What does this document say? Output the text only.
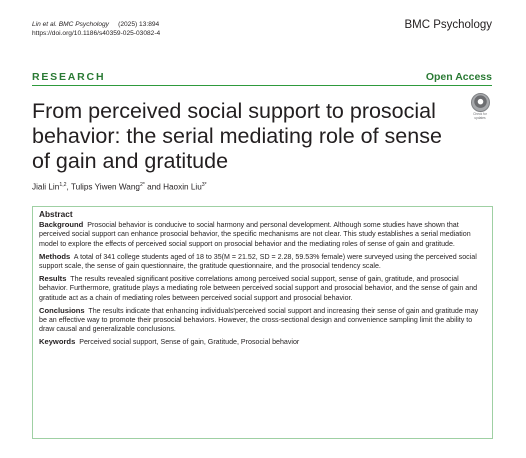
Lin et al. BMC Psychology (2025) 13:894
https://doi.org/10.1186/s40359-025-03082-4
BMC Psychology
RESEARCH	Open Access
From perceived social support to prosocial behavior: the serial mediating role of sense of gain and gratitude
Check for
updates
Jiali Lin$^{1,2}$, Tulips Yiwen Wang$^{2*}$ and Haoxin Liu$^{3*}$
Abstract

Background Prosocial behavior is conducive to social harmony and personal development. Although some studies have shown that perceived social support can enhance prosocial behavior, the specific mechanisms are not clear. This study establishes a serial mediation model to explore the effects of perceived social support on prosocial behavior and the mediating roles of sense of gain and gratitude.

Methods A total of 341 college students aged of 18 to 35(M = 21.52, SD = 2.28, 59.53% female) were surveyed using the perceived social support scale, the sense of gain questionnaire, the gratitude questionnaire, and the prosocial tendency scale.

Results The results revealed significant positive correlations among perceived social support, sense of gain, gratitude, and prosocial behavior. Furthermore, gratitude plays a mediating role between perceived social support and prosocial behavior, and the sense of gain and gratitude act as a chain of mediating roles between perceived social support and prosocial behavior.

Conclusions The results indicate that enhancing individuals'perceived social support and increasing their sense of gain and gratitude may be an effective way to promote their prosocial behaviors. However, the cross-sectional design and convenience sampling limit the ability to draw causal and generalizable conclusions.

Keywords Perceived social support, Sense of gain, Gratitude, Prosocial behavior
